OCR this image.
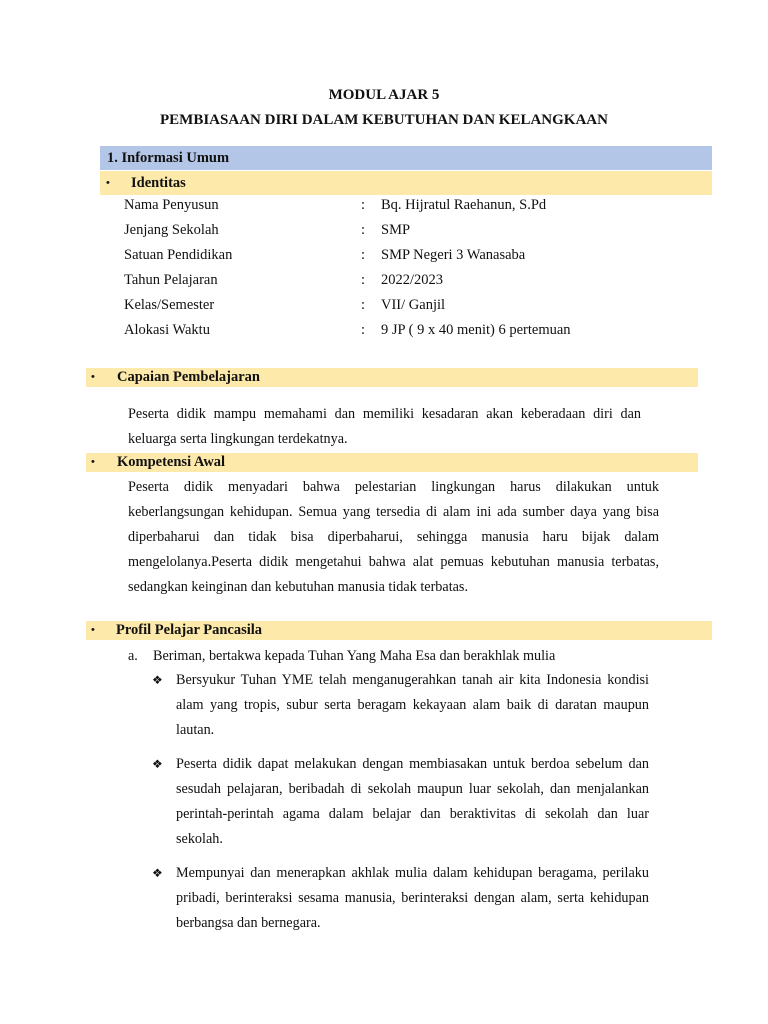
MODUL AJAR 5
PEMBIASAAN DIRI DALAM KEBUTUHAN DAN KELANGKAAN
1. Informasi Umum
• Identitas
Nama Penyusun	: Bq. Hijratul Raehanun, S.Pd
Jenjang Sekolah	: SMP
Satuan Pendidikan	: SMP Negeri 3 Wanasaba
Tahun Pelajaran	: 2022/2023
Kelas/Semester	: VII/ Ganjil
Alokasi Waktu	: 9 JP ( 9 x 40 menit) 6 pertemuan
• Capaian Pembelajaran
Peserta didik mampu memahami dan memiliki kesadaran akan keberadaan diri dan keluarga serta lingkungan terdekatnya.
• Kompetensi Awal
Peserta didik menyadari bahwa pelestarian lingkungan harus dilakukan untuk keberlangsungan kehidupan. Semua yang tersedia di alam ini ada sumber daya yang bisa diperbaharui dan tidak bisa diperbaharui, sehingga manusia haru bijak dalam mengelolanya.Peserta didik mengetahui bahwa alat pemuas kebutuhan manusia terbatas, sedangkan keinginan dan kebutuhan manusia tidak terbatas.
• Profil Pelajar Pancasila
a. Beriman, bertakwa kepada Tuhan Yang Maha Esa dan berakhlak mulia
❖ Bersyukur Tuhan YME telah menganugerahkan tanah air kita Indonesia kondisi alam yang tropis, subur serta beragam kekayaan alam baik di daratan maupun lautan.
❖ Peserta didik dapat melakukan dengan membiasakan untuk berdoa sebelum dan sesudah pelajaran, beribadah di sekolah maupun luar sekolah, dan menjalankan perintah-perintah agama dalam belajar dan beraktivitas di sekolah dan luar sekolah.
❖ Mempunyai dan menerapkan akhlak mulia dalam kehidupan beragama, perilaku pribadi, berinteraksi sesama manusia, berinteraksi dengan alam, serta kehidupan berbangsa dan bernegara.
